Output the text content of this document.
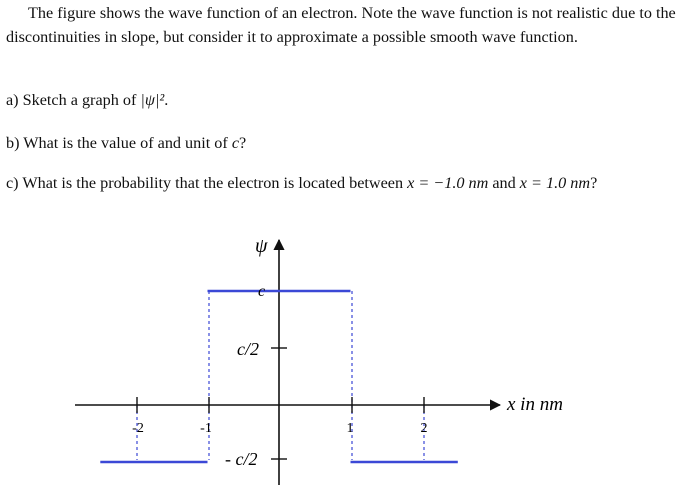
The figure shows the wave function of an electron. Note the wave function is not realistic due to the discontinuities in slope, but consider it to approximate a possible smooth wave function.

a) Sketch a graph of |ψ|².

b) What is the value of and unit of c?

c) What is the probability that the electron is located between x = −1.0 nm and x = 1.0 nm?

ψ
x in nm
c
c/2
- c/2
-2	-1	1	2
